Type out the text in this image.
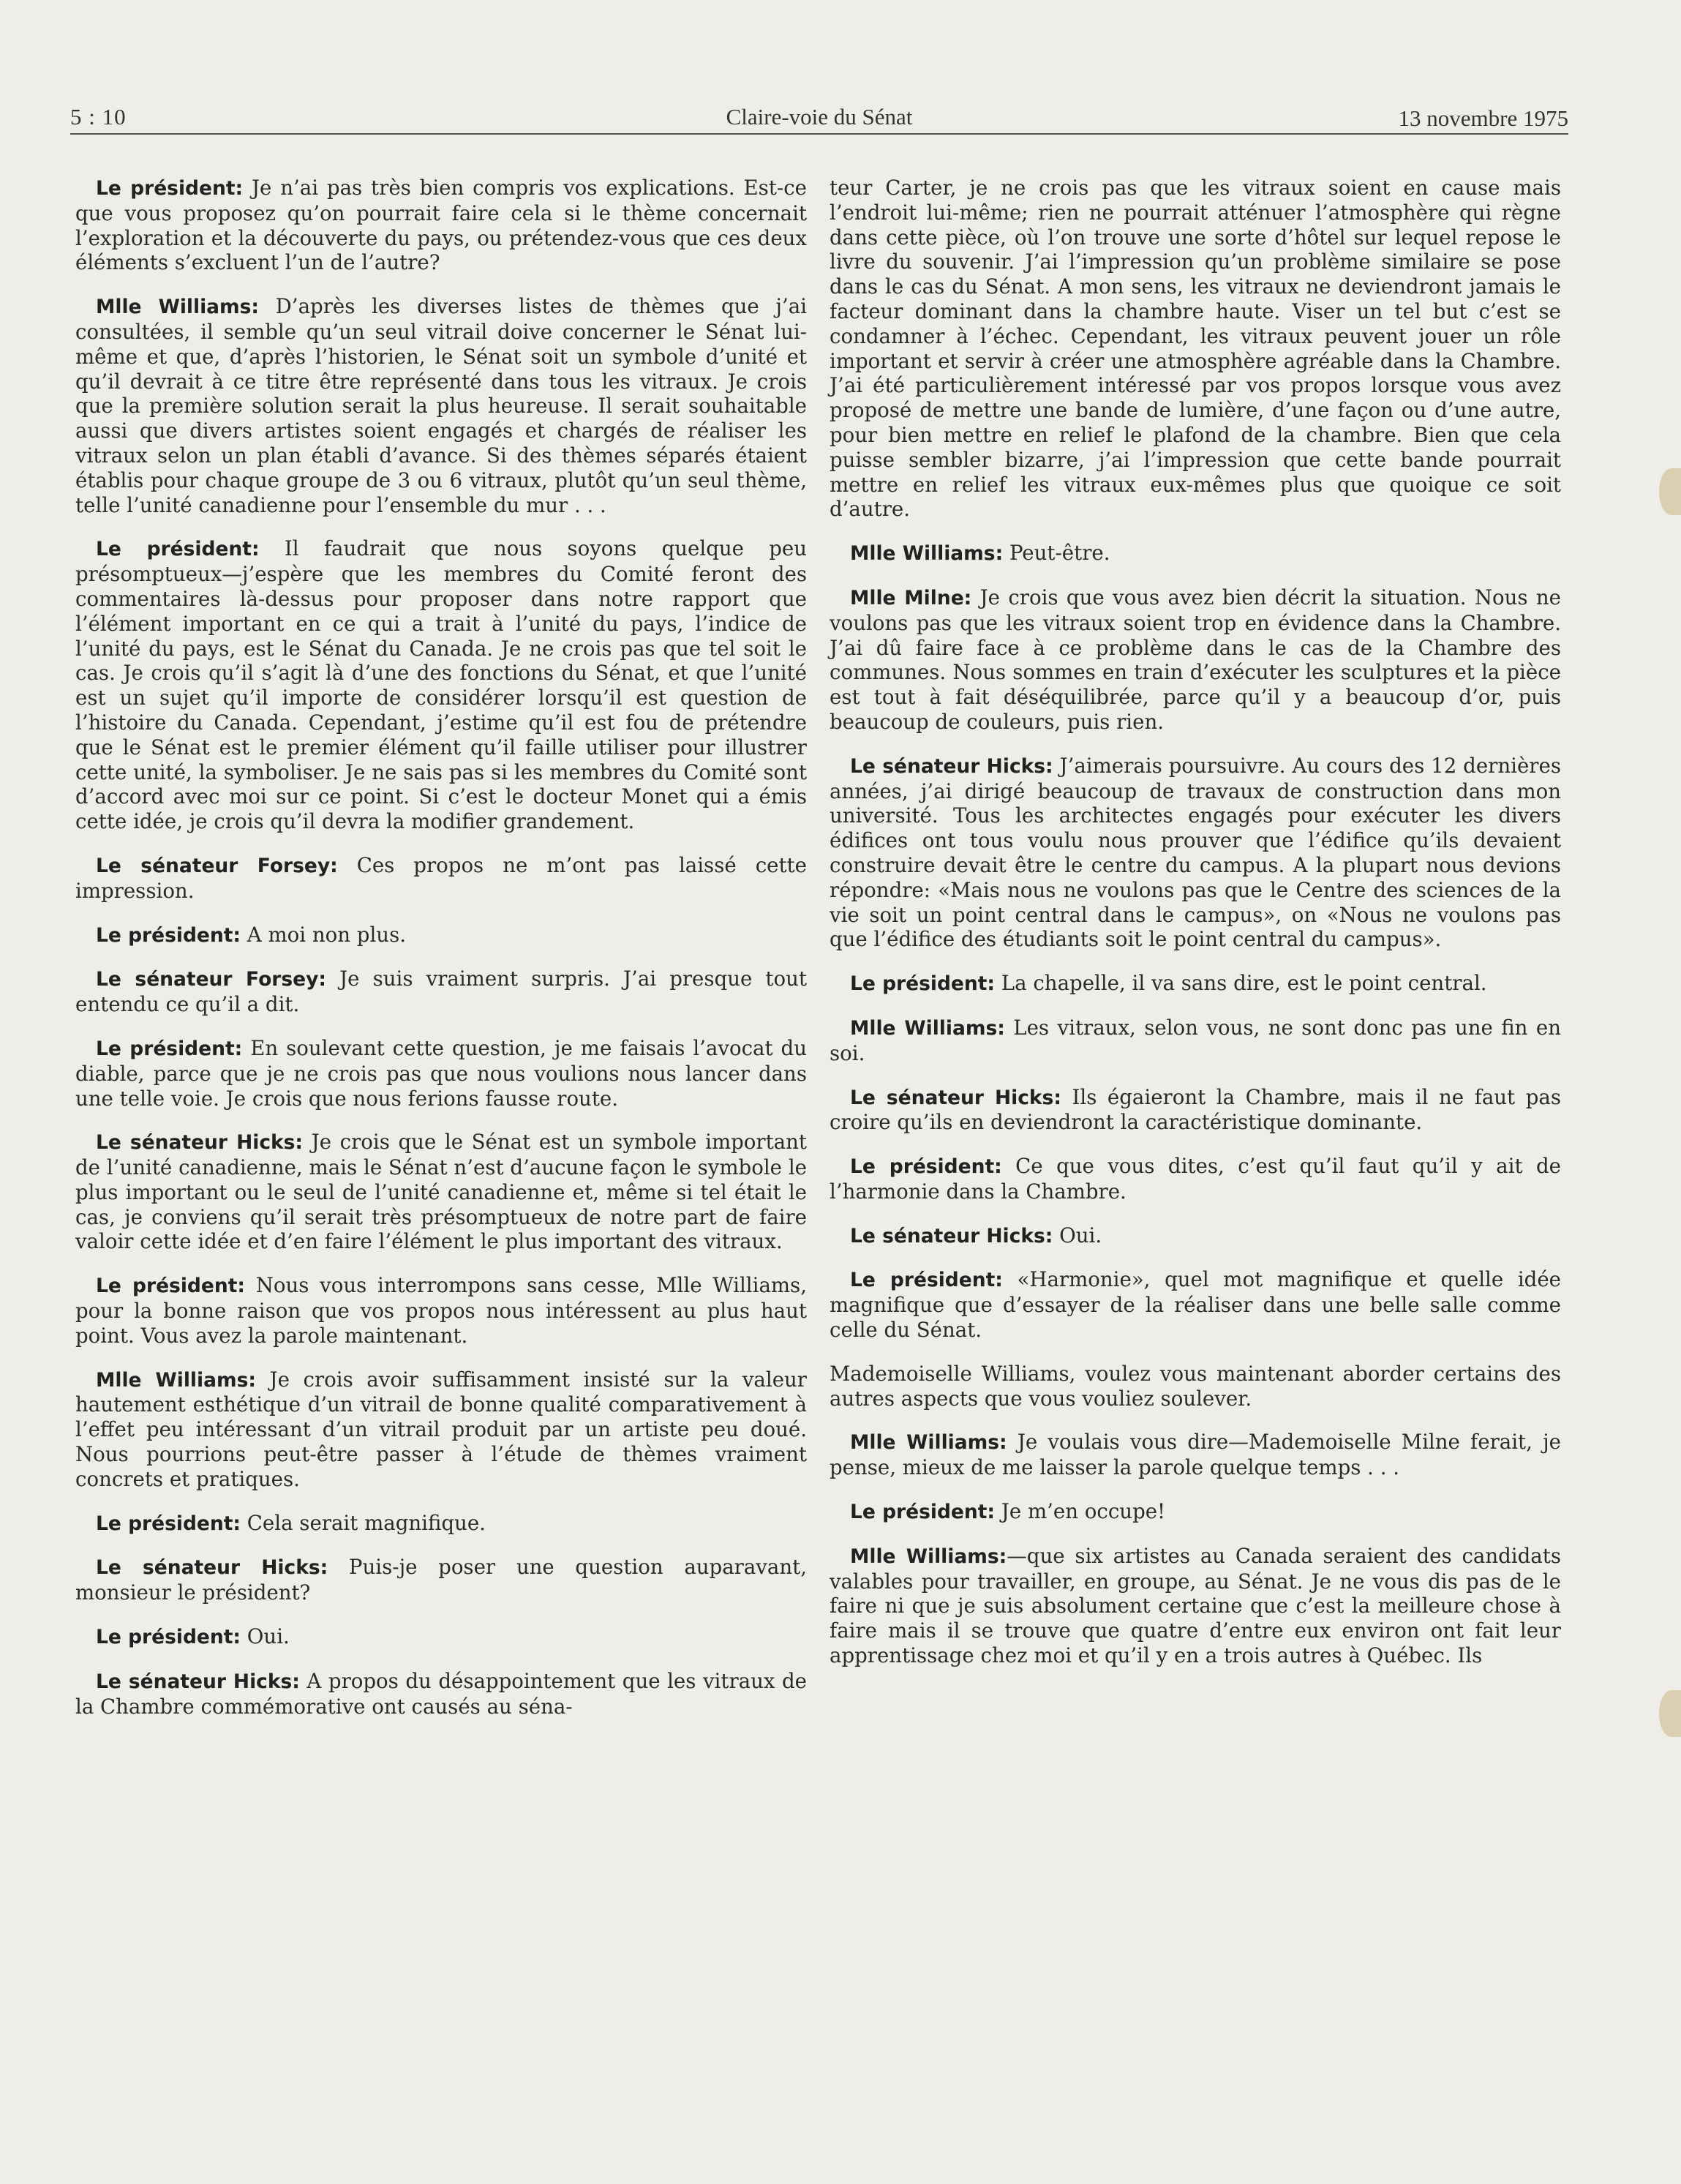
5 : 10	Claire-voie du Sénat	13 novembre 1975

Le président: Je n’ai pas très bien compris vos explications. Est-ce que vous proposez qu’on pourrait faire cela si le thème concernait l’exploration et la découverte du pays, ou prétendez-vous que ces deux éléments s’excluent l’un de l’autre?

Mlle Williams: D’après les diverses listes de thèmes que j’ai consultées, il semble qu’un seul vitrail doive concerner le Sénat lui-même et que, d’après l’historien, le Sénat soit un symbole d’unité et qu’il devrait à ce titre être représenté dans tous les vitraux. Je crois que la première solution serait la plus heureuse. Il serait souhaitable aussi que divers artistes soient engagés et chargés de réaliser les vitraux selon un plan établi d’avance. Si des thèmes séparés étaient établis pour chaque groupe de 3 ou 6 vitraux, plutôt qu’un seul thème, telle l’unité canadienne pour l’ensemble du mur . . .

Le président: Il faudrait que nous soyons quelque peu présomptueux—j’espère que les membres du Comité feront des commentaires là-dessus pour proposer dans notre rapport que l’élément important en ce qui a trait à l’unité du pays, l’indice de l’unité du pays, est le Sénat du Canada. Je ne crois pas que tel soit le cas. Je crois qu’il s’agit là d’une des fonctions du Sénat, et que l’unité est un sujet qu’il importe de considérer lorsqu’il est question de l’histoire du Canada. Cependant, j’estime qu’il est fou de prétendre que le Sénat est le premier élément qu’il faille utiliser pour illustrer cette unité, la symboliser. Je ne sais pas si les membres du Comité sont d’accord avec moi sur ce point. Si c’est le docteur Monet qui a émis cette idée, je crois qu’il devra la modifier grandement.

Le sénateur Forsey: Ces propos ne m’ont pas laissé cette impression.

Le président: A moi non plus.

Le sénateur Forsey: Je suis vraiment surpris. J’ai presque tout entendu ce qu’il a dit.

Le président: En soulevant cette question, je me faisais l’avocat du diable, parce que je ne crois pas que nous voulions nous lancer dans une telle voie. Je crois que nous ferions fausse route.

Le sénateur Hicks: Je crois que le Sénat est un symbole important de l’unité canadienne, mais le Sénat n’est d’aucune façon le symbole le plus important ou le seul de l’unité canadienne et, même si tel était le cas, je conviens qu’il serait très présomptueux de notre part de faire valoir cette idée et d’en faire l’élément le plus important des vitraux.

Le président: Nous vous interrompons sans cesse, Mlle Williams, pour la bonne raison que vos propos nous intéressent au plus haut point. Vous avez la parole maintenant.

Mlle Williams: Je crois avoir suffisamment insisté sur la valeur hautement esthétique d’un vitrail de bonne qualité comparativement à l’effet peu intéressant d’un vitrail produit par un artiste peu doué. Nous pourrions peut-être passer à l’étude de thèmes vraiment concrets et pratiques.

Le président: Cela serait magnifique.

Le sénateur Hicks: Puis-je poser une question auparavant, monsieur le président?

Le président: Oui.

Le sénateur Hicks: A propos du désappointement que les vitraux de la Chambre commémorative ont causés au séna-

teur Carter, je ne crois pas que les vitraux soient en cause mais l’endroit lui-même; rien ne pourrait atténuer l’atmosphère qui règne dans cette pièce, où l’on trouve une sorte d’hôtel sur lequel repose le livre du souvenir. J’ai l’impression qu’un problème similaire se pose dans le cas du Sénat. A mon sens, les vitraux ne deviendront jamais le facteur dominant dans la chambre haute. Viser un tel but c’est se condamner à l’échec. Cependant, les vitraux peuvent jouer un rôle important et servir à créer une atmosphère agréable dans la Chambre. J’ai été particulièrement intéressé par vos propos lorsque vous avez proposé de mettre une bande de lumière, d’une façon ou d’une autre, pour bien mettre en relief le plafond de la chambre. Bien que cela puisse sembler bizarre, j’ai l’impression que cette bande pourrait mettre en relief les vitraux eux-mêmes plus que quoique ce soit d’autre.

Mlle Williams: Peut-être.

Mlle Milne: Je crois que vous avez bien décrit la situation. Nous ne voulons pas que les vitraux soient trop en évidence dans la Chambre. J’ai dû faire face à ce problème dans le cas de la Chambre des communes. Nous sommes en train d’exécuter les sculptures et la pièce est tout à fait déséquilibrée, parce qu’il y a beaucoup d’or, puis beaucoup de couleurs, puis rien.

Le sénateur Hicks: J’aimerais poursuivre. Au cours des 12 dernières années, j’ai dirigé beaucoup de travaux de construction dans mon université. Tous les architectes engagés pour exécuter les divers édifices ont tous voulu nous prouver que l’édifice qu’ils devaient construire devait être le centre du campus. A la plupart nous devions répondre: «Mais nous ne voulons pas que le Centre des sciences de la vie soit un point central dans le campus», on «Nous ne voulons pas que l’édifice des étudiants soit le point central du campus».

Le président: La chapelle, il va sans dire, est le point central.

Mlle Williams: Les vitraux, selon vous, ne sont donc pas une fin en soi.

Le sénateur Hicks: Ils égaieront la Chambre, mais il ne faut pas croire qu’ils en deviendront la caractéristique dominante.

Le président: Ce que vous dites, c’est qu’il faut qu’il y ait de l’harmonie dans la Chambre.

Le sénateur Hicks: Oui.

Le président: «Harmonie», quel mot magnifique et quelle idée magnifique que d’essayer de la réaliser dans une belle salle comme celle du Sénat.

Mademoiselle Williams, voulez vous maintenant aborder certains des autres aspects que vous vouliez soulever.

Mlle Williams: Je voulais vous dire—Mademoiselle Milne ferait, je pense, mieux de me laisser la parole quelque temps . . .

Le président: Je m’en occupe!

Mlle Williams:—que six artistes au Canada seraient des candidats valables pour travailler, en groupe, au Sénat. Je ne vous dis pas de le faire ni que je suis absolument certaine que c’est la meilleure chose à faire mais il se trouve que quatre d’entre eux environ ont fait leur apprentissage chez moi et qu’il y en a trois autres à Québec. Ils
